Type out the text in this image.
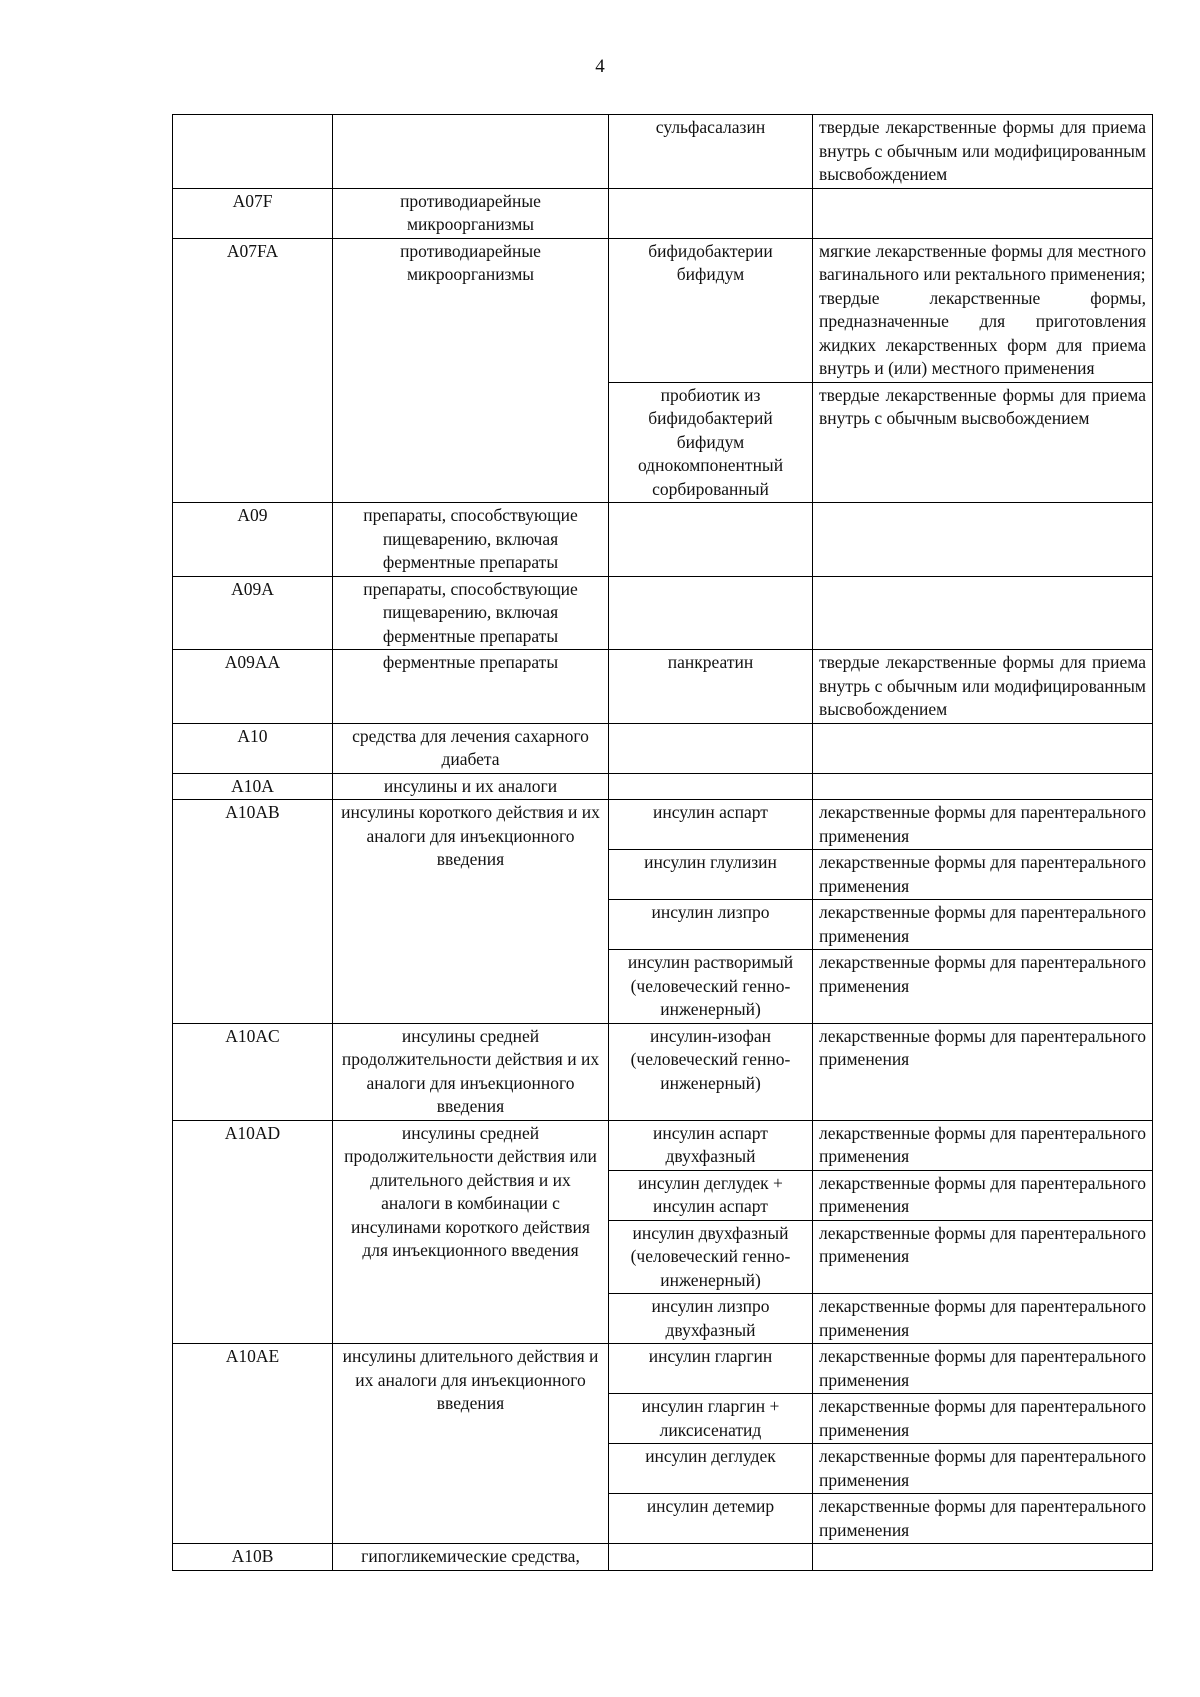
4
		сульфасалазин	твердые лекарственные формы для приема внутрь с обычным или модифицированным высвобождением
A07F	противодиарейные микроорганизмы		
A07FA	противодиарейные микроорганизмы	бифидобактерии бифидум	мягкие лекарственные формы для местного вагинального или ректального применения;
твердые лекарственные формы, предназначенные для приготовления жидких лекарственных форм для приема внутрь и (или) местного применения

		пробиотик из бифидобактерий бифидум однокомпонентный сорбированный	твердые лекарственные формы для приема внутрь с обычным высвобождением
A09	препараты, способствующие пищеварению, включая ферментные препараты		
A09A	препараты, способствующие пищеварению, включая ферментные препараты		
A09AA	ферментные препараты	панкреатин	твердые лекарственные формы для приема внутрь с обычным или модифицированным высвобождением
A10	средства для лечения сахарного диабета		
A10A	инсулины и их аналоги		
A10AB	инсулины короткого действия и их аналоги для инъекционного введения	инсулин аспарт	лекарственные формы для парентерального применения
		инсулин глулизин	лекарственные формы для парентерального применения
		инсулин лизпро	лекарственные формы для парентерального применения
		инсулин растворимый (человеческий генно-инженерный)	лекарственные формы для парентерального применения
A10AC	инсулины средней продолжительности действия и их аналоги для инъекционного введения	инсулин-изофан (человеческий генно-инженерный)	лекарственные формы для парентерального применения
A10AD	инсулины средней продолжительности действия или длительного действия и их аналоги в комбинации с инсулинами короткого действия для инъекционного введения	инсулин аспарт двухфазный	лекарственные формы для парентерального применения
		инсулин деглудек + инсулин аспарт	лекарственные формы для парентерального применения
		инсулин двухфазный (человеческий генно-инженерный)	лекарственные формы для парентерального применения
		инсулин лизпро двухфазный	лекарственные формы для парентерального применения
A10AE	инсулины длительного действия и их аналоги для инъекционного введения	инсулин гларгин	лекарственные формы для парентерального применения
		инсулин гларгин + ликсисенатид	лекарственные формы для парентерального применения
		инсулин деглудек	лекарственные формы для парентерального применения
		инсулин детемир	лекарственные формы для парентерального применения
A10B	гипогликемические средства,		
